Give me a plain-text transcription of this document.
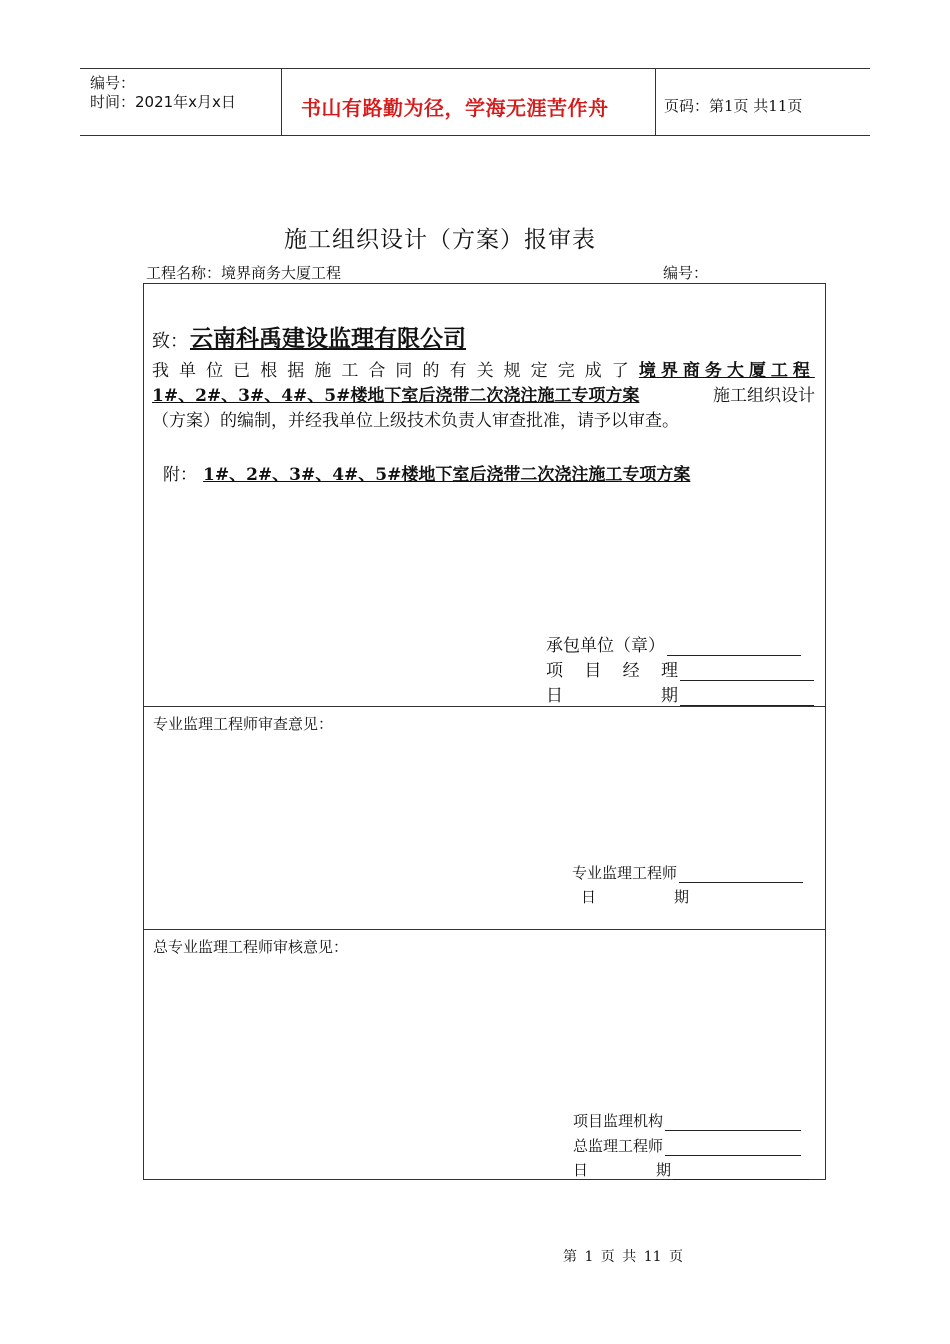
编号：
时间：2021年x月x日	书山有路勤为径，学海无涯苦作舟	页码：第1页 共11页
施工组织设计（方案）报审表
工程名称：境界商务大厦工程	编号：
致： 云南科禹建设监理有限公司
我 单 位 已 根 据 施 工 合 同 的 有 关 规 定 完 成 了 境界商务大厦工程
1#、2#、3#、4#、5#楼地下室后浇带二次浇注施工专项方案	施工组织设计
（方案）的编制，并经我单位上级技术负责人审查批准，请予以审查。
附： 1#、2#、3#、4#、5#楼地下室后浇带二次浇注施工专项方案
承包单位（章）
项 目 经 理
日	期
专业监理工程师审查意见：
专业监理工程师
日	期
总专业监理工程师审核意见：
项目监理机构
总监理工程师
日	期
第 1 页 共 11 页
